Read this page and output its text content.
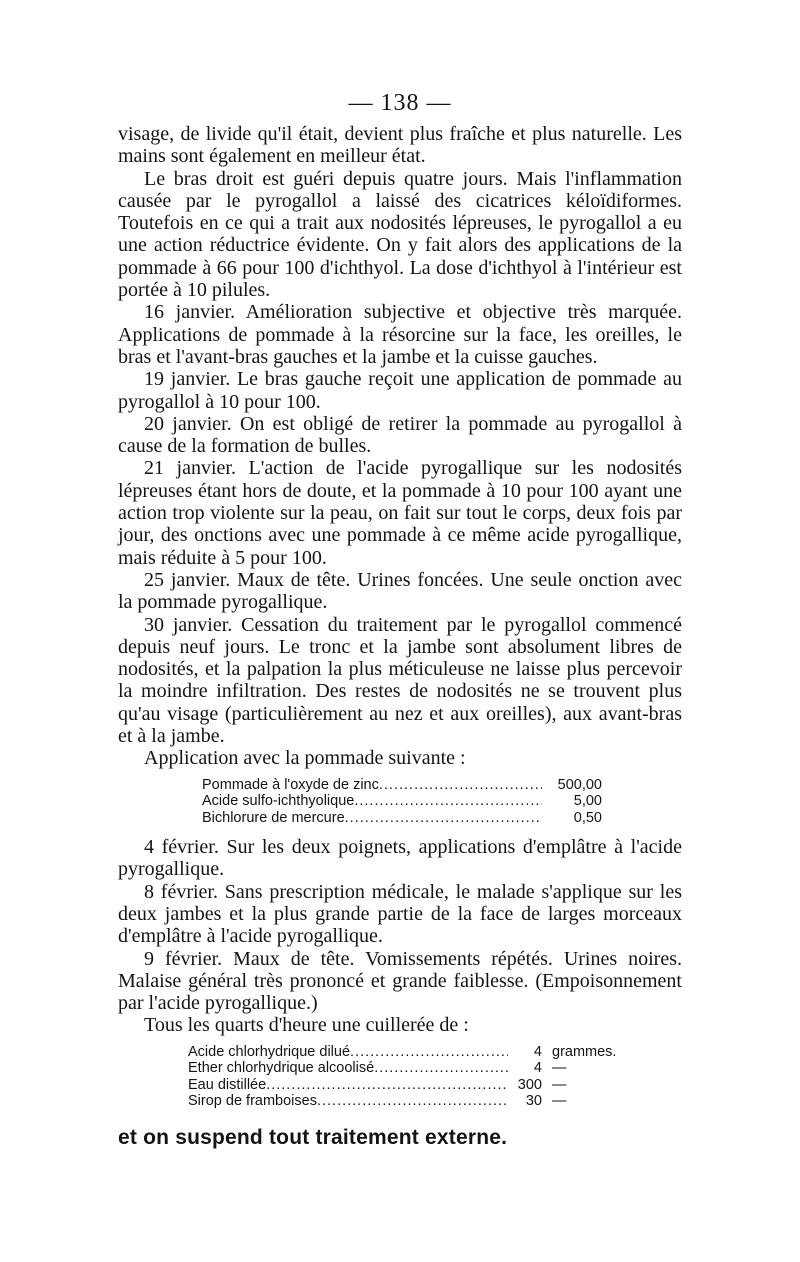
— 138 —

visage, de livide qu'il était, devient plus fraîche et plus naturelle. Les mains sont également en meilleur état.

Le bras droit est guéri depuis quatre jours. Mais l'inflammation causée par le pyrogallol a laissé des cicatrices kéloïdiformes. Toutefois en ce qui a trait aux nodosités lépreuses, le pyrogallol a eu une action réductrice évidente. On y fait alors des applications de la pommade à 66 pour 100 d'ichthyol. La dose d'ichthyol à l'intérieur est portée à 10 pilules.

16 janvier. Amélioration subjective et objective très marquée. Applications de pommade à la résorcine sur la face, les oreilles, le bras et l'avant-bras gauches et la jambe et la cuisse gauches.

19 janvier. Le bras gauche reçoit une application de pommade au pyrogallol à 10 pour 100.

20 janvier. On est obligé de retirer la pommade au pyrogallol à cause de la formation de bulles.

21 janvier. L'action de l'acide pyrogallique sur les nodosités lépreuses étant hors de doute, et la pommade à 10 pour 100 ayant une action trop violente sur la peau, on fait sur tout le corps, deux fois par jour, des onctions avec une pommade à ce même acide pyrogallique, mais réduite à 5 pour 100.

25 janvier. Maux de tête. Urines foncées. Une seule onction avec la pommade pyrogallique.

30 janvier. Cessation du traitement par le pyrogallol commencé depuis neuf jours. Le tronc et la jambe sont absolument libres de nodosités, et la palpation la plus méticuleuse ne laisse plus percevoir la moindre infiltration. Des restes de nodosités ne se trouvent plus qu'au visage (particulièrement au nez et aux oreilles), aux avant-bras et à la jambe.

Application avec la pommade suivante :

Pommade à l'oxyde de zinc .....	500,00
Acide sulfo-ichthyolique .....	5,00
Bichlorure de mercure .....	0,50

4 février. Sur les deux poignets, applications d'emplâtre à l'acide pyrogallique.

8 février. Sans prescription médicale, le malade s'applique sur les deux jambes et la plus grande partie de la face de larges morceaux d'emplâtre à l'acide pyrogallique.

9 février. Maux de tête. Vomissements répétés. Urines noires. Malaise général très prononcé et grande faiblesse. (Empoisonnement par l'acide pyrogallique.)

Tous les quarts d'heure une cuillerée de :

Acide chlorhydrique dilué .....	4 grammes.
Ether chlorhydrique alcoolisé .....	4 —
Eau distillée .....	300 —
Sirop de framboises .....	30 —

et on suspend tout traitement externe.
